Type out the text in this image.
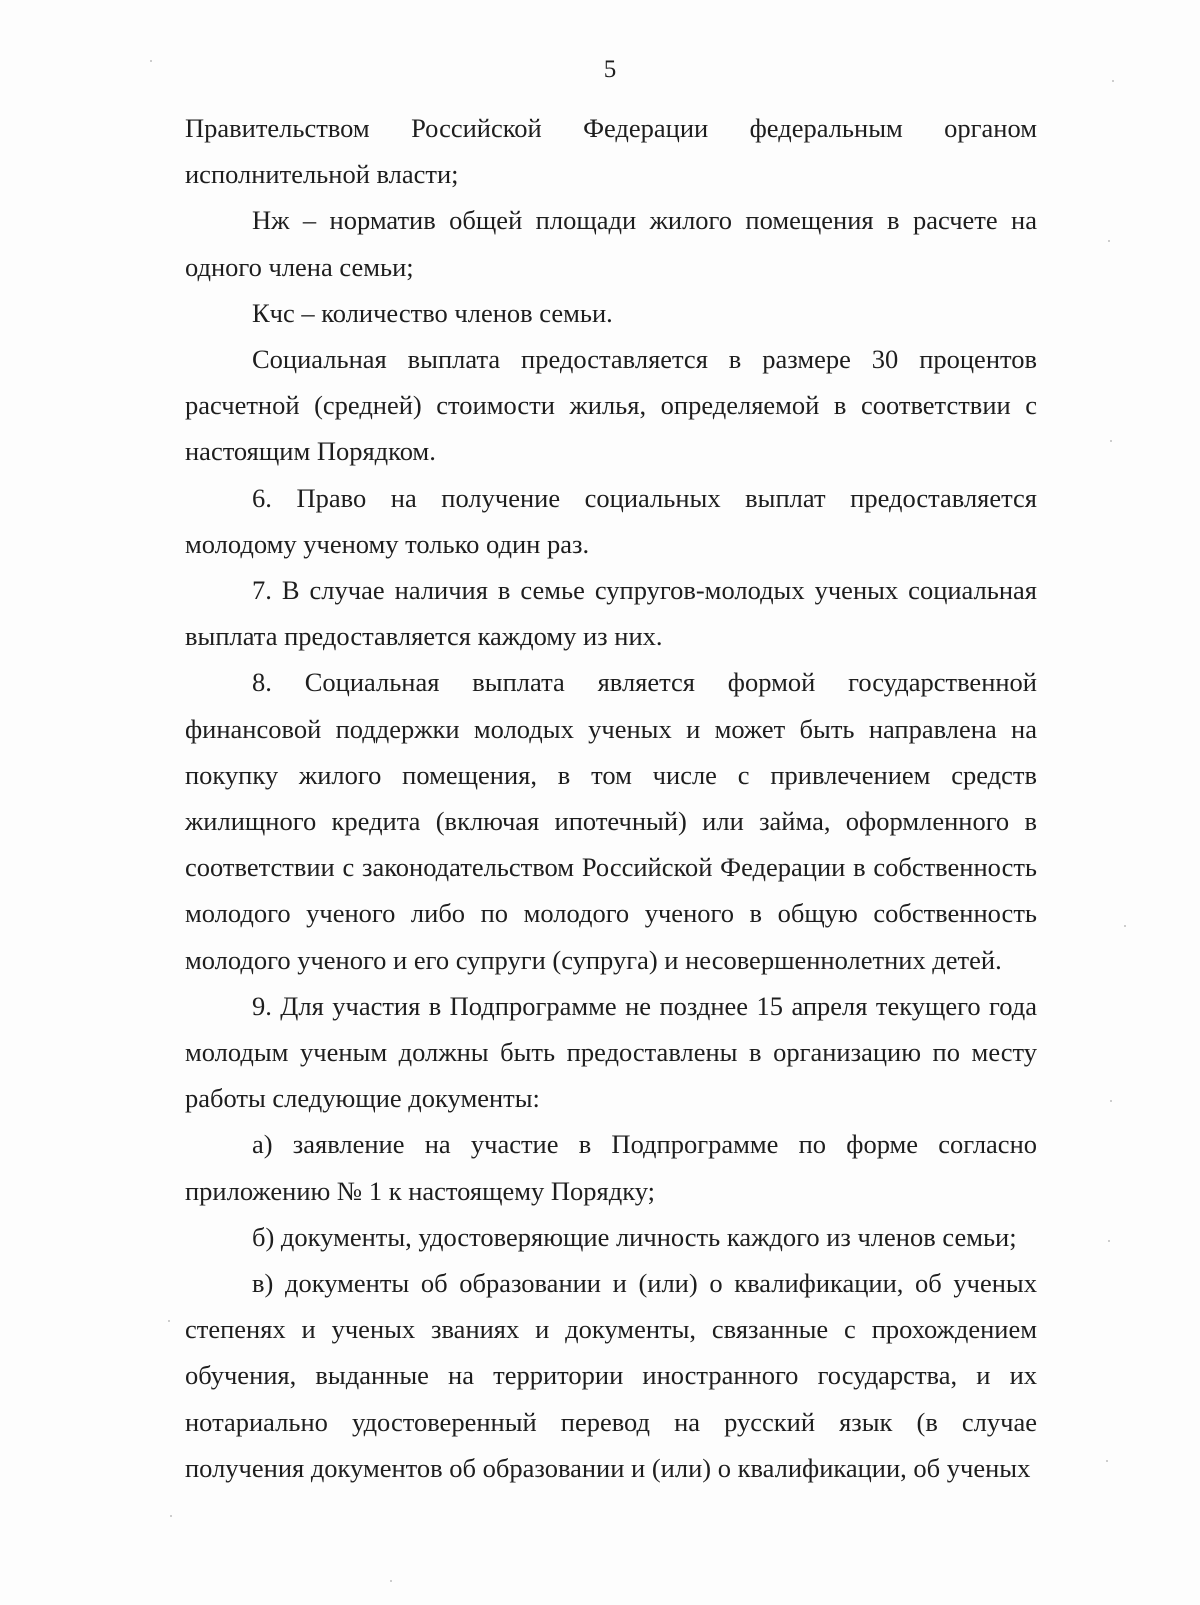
5

Правительством Российской Федерации федеральным органом исполнительной власти;

Нж – норматив общей площади жилого помещения в расчете на одного члена семьи;

Кчс – количество членов семьи.

Социальная выплата предоставляется в размере 30 процентов расчетной (средней) стоимости жилья, определяемой в соответствии с настоящим Порядком.

6. Право на получение социальных выплат предоставляется молодому ученому только один раз.

7. В случае наличия в семье супругов-молодых ученых социальная выплата предоставляется каждому из них.

8. Социальная выплата является формой государственной финансовой поддержки молодых ученых и может быть направлена на покупку жилого помещения, в том числе с привлечением средств жилищного кредита (включая ипотечный) или займа, оформленного в соответствии с законодательством Российской Федерации в собственность молодого ученого либо по молодого ученого в общую собственность молодого ученого и его супруги (супруга) и несовершеннолетних детей.

9. Для участия в Подпрограмме не позднее 15 апреля текущего года молодым ученым должны быть предоставлены в организацию по месту работы следующие документы:

а) заявление на участие в Подпрограмме по форме согласно приложению № 1 к настоящему Порядку;

б) документы, удостоверяющие личность каждого из членов семьи;

в) документы об образовании и (или) о квалификации, об ученых степенях и ученых званиях и документы, связанные с прохождением обучения, выданные на территории иностранного государства, и их нотариально удостоверенный перевод на русский язык (в случае получения документов об образовании и (или) о квалификации, об ученых
